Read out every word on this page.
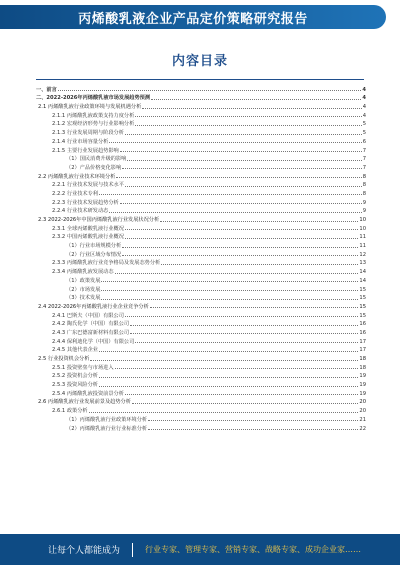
丙烯酸乳液企业产品定价策略研究报告
内容目录
一、前言	4
二、2022-2026年丙烯酸乳液市场发展趋势预测	4
2.1 丙烯酸乳液行业政策环境与发展机遇分析	4
2.1.1 丙烯酸乳液政策支持力度分析	4
2.1.2 宏观经济形势与行业影响分析	5
2.1.3 行业发展周期与阶段分析	5
2.1.4 行业市场容量分析	6
2.1.5 主要行业发展趋势影响	7
（1）国民消费升级的影响	7
（2）产品价格变化影响	7
2.2 丙烯酸乳液行业技术环境分析	8
2.2.1 行业技术发展与技术水平	8
2.2.2 行业技术专利	8
2.2.3 行业技术发展趋势分析	9
2.2.4 行业技术研发动态	9
2.3 2022-2026年中国丙烯酸乳液行业发展状况分析	10
2.3.1 全球丙烯酸乳液行业概况	10
2.3.2 中国丙烯酸乳液行业概况	11
（1）行业市场规模分析	11
（2）行业区域分布情况	12
2.3.3 丙烯酸乳液行业竞争格局及发展态势分析	13
2.3.4 丙烯酸乳液发展动态	14
（1）政策发展	14
（2）市场发展	15
（3）技术发展	15
2.4 2022-2026年丙烯酸乳液行业企业竞争分析	15
2.4.1 巴斯夫（中国）有限公司	15
2.4.2 陶氏化学（中国）有限公司	16
2.4.3 广东巴德富新材料有限公司	16
2.4.4 保利迪化学（中国）有限公司	17
2.4.5 其他代表企业	17
2.5 行业投资机会分析	18
2.5.1 投资壁垒与市场进入	18
2.5.2 投资机会分析	19
2.5.3 投资风险分析	19
2.5.4 丙烯酸乳液投资前景分析	19
2.6 丙烯酸乳液行业发展前景及趋势分析	20
2.6.1 政策分析	20
（1）丙烯酸乳液行业政策环境分析	21
（2）丙烯酸乳液行业行业标准分析	22
让每个人都能成为	行业专家、管理专家、营销专家、战略专家、成功企业家……
